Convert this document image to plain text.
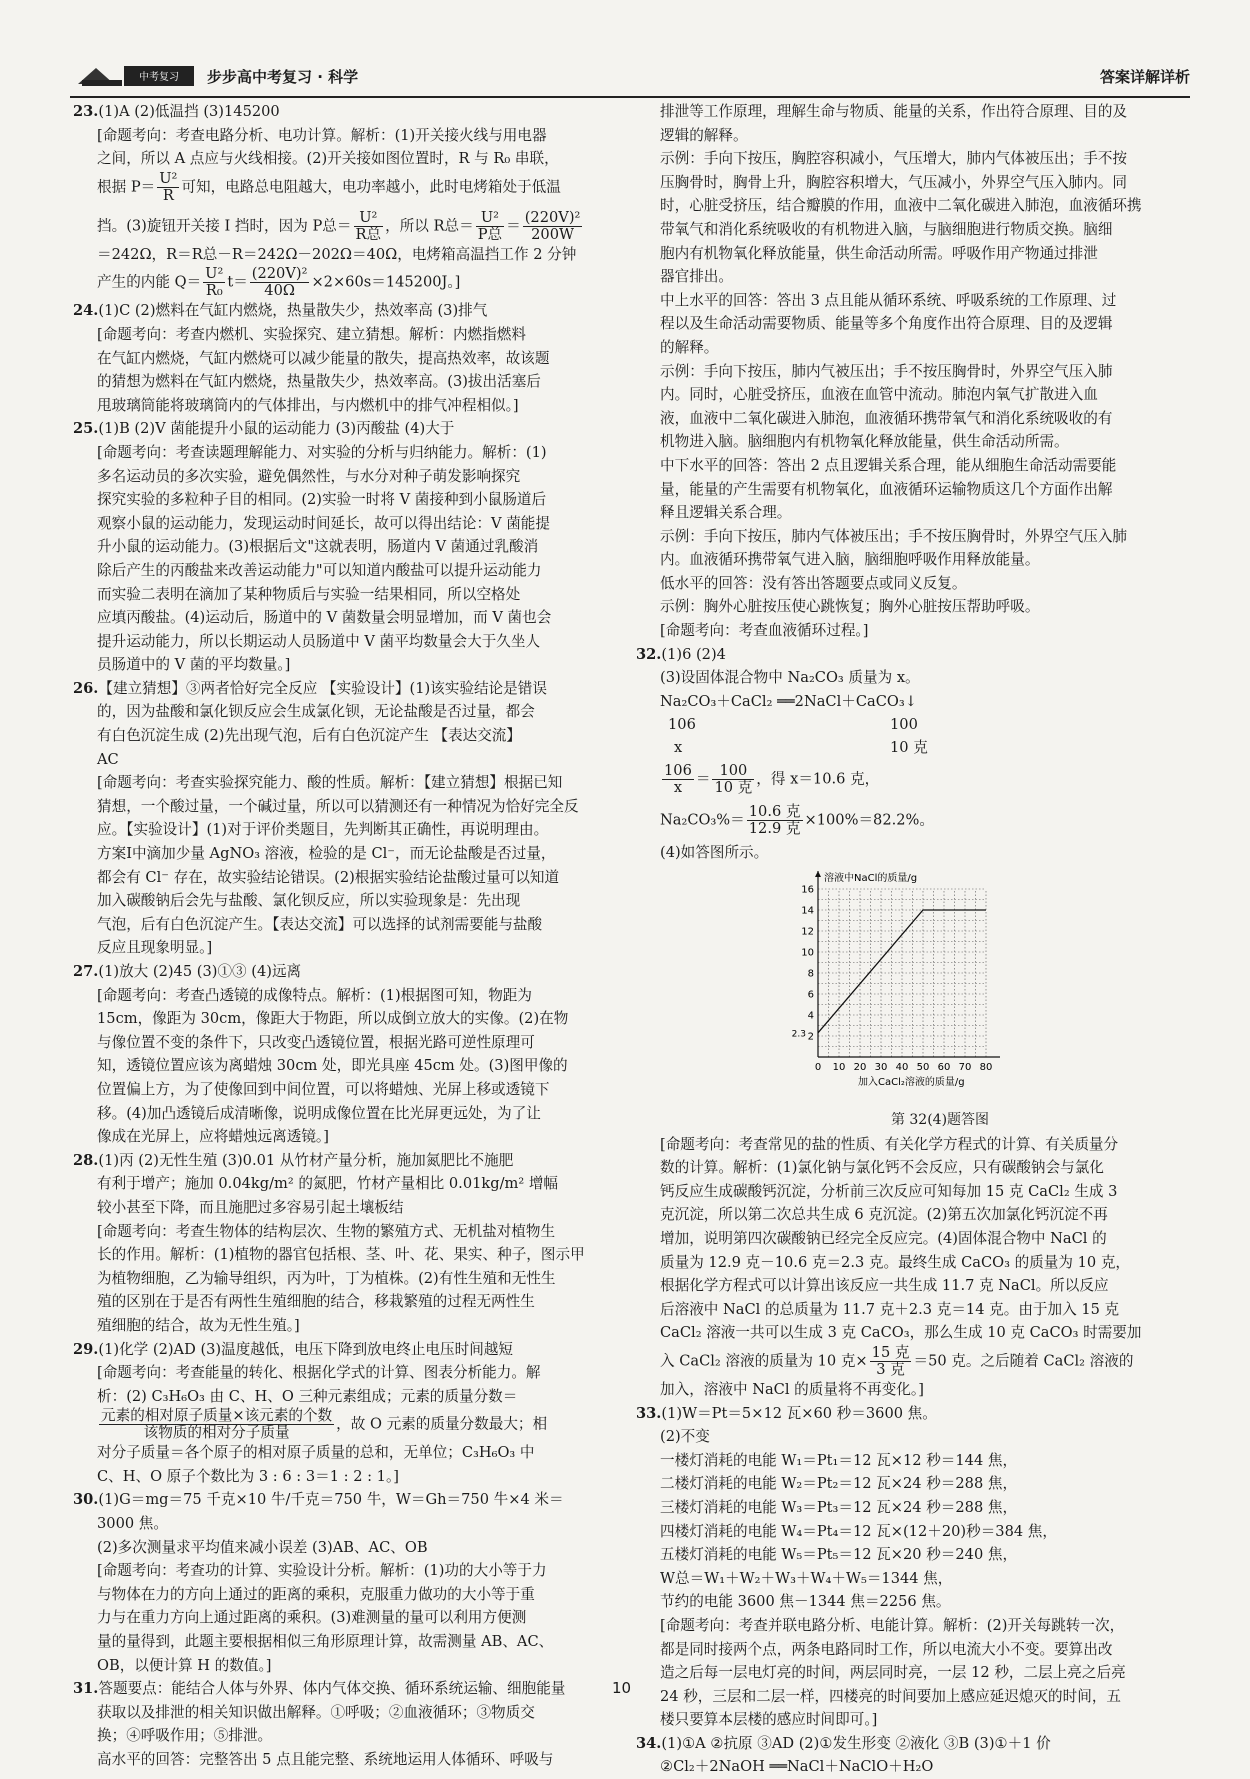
中考复习 步步高中考复习 · 科学	答案详解详析

23.(1)A (2)低温挡 (3)145200

[命题考向：考查电路分析、电功计算。解析：(1)开关接火线与用电器

之间，所以 A 点应与火线相接。(2)开关接如图位置时，R 与 R₀ 串联，

根据 $P= \frac{\text{U²}}{R}$ 可知，电路总电阻越大，电功率越小，此时电烤箱处于低温

挡。(3)旋钮开关接 Ⅰ 挡时，因为 P总＝ $\frac{\text{U²}}{\text{R总}}$ ，所以 R总＝ $\frac{\text{U²}}{\text{P总}} = \frac{\text{(220V)²}}{200W}$

＝242Ω，R＝R总－R＝242Ω－202Ω＝40Ω，电烤箱高温挡工作 2 分钟

产生的内能 $Q= \frac{\text{U²}}{\text{R₀}} t= \frac{\text{(220V)²}}{40\Omega} \times 2\times 60s=145200J$。]

24.(1)C (2)燃料在气缸内燃烧，热量散失少，热效率高 (3)排气

[命题考向：考查内燃机、实验探究、建立猜想。解析：内燃指燃料

在气缸内燃烧，气缸内燃烧可以减少能量的散失，提高热效率，故该题

的猜想为燃料在气缸内燃烧，热量散失少，热效率高。(3)拔出活塞后

甩玻璃筒能将玻璃筒内的气体排出，与内燃机中的排气冲程相似。]

25.(1)B (2)V 菌能提升小鼠的运动能力 (3)丙酸盐 (4)大于

[命题考向：考查读题理解能力、对实验的分析与归纳能力。解析：(1)

多名运动员的多次实验，避免偶然性，与水分对种子萌发影响探究

探究实验的多粒种子目的相同。(2)实验一时将 V 菌接种到小鼠肠道后

观察小鼠的运动能力，发现运动时间延长，故可以得出结论：V 菌能提

升小鼠的运动能力。(3)根据后文"这就表明，肠道内 V 菌通过乳酸消

除后产生的丙酸盐来改善运动能力"可以知道内酸盐可以提升运动能力

而实验二表明在滴加了某种物质后与实验一结果相同，所以空格处

应填丙酸盐。(4)运动后，肠道中的 V 菌数量会明显增加，而 V 菌也会

提升运动能力，所以长期运动人员肠道中 V 菌平均数量会大于久坐人

员肠道中的 V 菌的平均数量。]

26.【建立猜想】③两者恰好完全反应 【实验设计】(1)该实验结论是错误

的，因为盐酸和氯化钡反应会生成氯化钡，无论盐酸是否过量，都会

有白色沉淀生成 (2)先出现气泡，后有白色沉淀产生 【表达交流】

AC

[命题考向：考查实验探究能力、酸的性质。解析：【建立猜想】根据已知

猜想，一个酸过量，一个碱过量，所以可以猜测还有一种情况为恰好完全反

应。【实验设计】(1)对于评价类题目，先判断其正确性，再说明理由。

方案Ⅰ中滴加少量 AgNO₃ 溶液，检验的是 Cl⁻，而无论盐酸是否过量，

都会有 Cl⁻ 存在，故实验结论错误。(2)根据实验结论盐酸过量可以知道

加入碳酸钠后会先与盐酸、氯化钡反应，所以实验现象是：先出现

气泡，后有白色沉淀产生。【表达交流】可以选择的试剂需要能与盐酸

反应且现象明显。]

27.(1)放大 (2)45 (3)①③ (4)远离

[命题考向：考查凸透镜的成像特点。解析：(1)根据图可知，物距为

15cm，像距为 30cm，像距大于物距，所以成倒立放大的实像。(2)在物

与像位置不变的条件下，只改变凸透镜位置，根据光路可逆性原理可

知，透镜位置应该为离蜡烛 30cm 处，即光具座 45cm 处。(3)图甲像的

位置偏上方，为了使像回到中间位置，可以将蜡烛、光屏上移或透镜下

移。(4)加凸透镜后成清晰像，说明成像位置在比光屏更远处，为了让

像成在光屏上，应将蜡烛远离透镜。]

28.(1)丙 (2)无性生殖 (3)0.01 从竹材产量分析，施加氮肥比不施肥

有利于增产；施加 0.04kg/m² 的氮肥，竹材产量相比 0.01kg/m² 增幅

较小甚至下降，而且施肥过多容易引起土壤板结

[命题考向：考查生物体的结构层次、生物的繁殖方式、无机盐对植物生

长的作用。解析：(1)植物的器官包括根、茎、叶、花、果实、种子，图示甲

为植物细胞，乙为输导组织，丙为叶，丁为植株。(2)有性生殖和无性生

殖的区别在于是否有两性生殖细胞的结合，移栽繁殖的过程无两性生

殖细胞的结合，故为无性生殖。]

29.(1)化学 (2)AD (3)温度越低，电压下降到放电终止电压时间越短

[命题考向：考查能量的转化、根据化学式的计算、图表分析能力。解

析：(2) C₃H₆O₃ 由 C、H、O 三种元素组成；元素的质量分数＝

$\frac{\text{元素的相对原子质量×该元素的个数}}{\text{该物质的相对分子质量}}$ ，故 O 元素的质量分数最大；相

对分子质量＝各个原子的相对原子质量的总和，无单位；C₃H₆O₃ 中

C、H、O 原子个数比为 3 : 6 : 3＝1 : 2 : 1。]

30.(1)G＝mg＝75 千克×10 牛/千克＝750 牛，W＝Gh＝750 牛×4 米＝

3000 焦。

(2)多次测量求平均值来减小误差 (3)AB、AC、OB

[命题考向：考查功的计算、实验设计分析。解析：(1)功的大小等于力

与物体在力的方向上通过的距离的乘积，克服重力做功的大小等于重

力与在重力方向上通过距离的乘积。(3)难测量的量可以利用方便测

量的量得到，此题主要根据相似三角形原理计算，故需测量 AB、AC、

OB，以便计算 H 的数值。]

31.答题要点：能结合人体与外界、体内气体交换、循环系统运输、细胞能量

获取以及排泄的相关知识做出解释。①呼吸；②血液循环；③物质交

换；④呼吸作用；⑤排泄。

高水平的回答：完整答出 5 点且能完整、系统地运用人体循环、呼吸与

排泄等工作原理，理解生命与物质、能量的关系，作出符合原理、目的及

逻辑的解释。

示例：手向下按压，胸腔容积减小，气压增大，肺内气体被压出；手不按

压胸骨时，胸骨上升，胸腔容积增大，气压减小，外界空气压入肺内。同

时，心脏受挤压，结合瓣膜的作用，血液中二氧化碳进入肺泡，血液循环携

带氧气和消化系统吸收的有机物进入脑，与脑细胞进行物质交换。脑细

胞内有机物氧化释放能量，供生命活动所需。呼吸作用产物通过排泄

器官排出。

中上水平的回答：答出 3 点且能从循环系统、呼吸系统的工作原理、过

程以及生命活动需要物质、能量等多个角度作出符合原理、目的及逻辑

的解释。

示例：手向下按压，肺内气被压出；手不按压胸骨时，外界空气压入肺

内。同时，心脏受挤压，血液在血管中流动。肺泡内氧气扩散进入血

液，血液中二氧化碳进入肺泡，血液循环携带氧气和消化系统吸收的有

机物进入脑。脑细胞内有机物氧化释放能量，供生命活动所需。

中下水平的回答：答出 2 点且逻辑关系合理，能从细胞生命活动需要能

量，能量的产生需要有机物氧化，血液循环运输物质这几个方面作出解

释且逻辑关系合理。

示例：手向下按压，肺内气体被压出；手不按压胸骨时，外界空气压入肺

内。血液循环携带氧气进入脑，脑细胞呼吸作用释放能量。

低水平的回答：没有答出答题要点或同义反复。

示例：胸外心脏按压使心跳恢复；胸外心脏按压帮助呼吸。

[命题考向：考查血液循环过程。]

32.(1)6 (2)4

(3)设固体混合物中 Na₂CO₃ 质量为 x。

Na₂CO₃＋CaCl₂ ══2NaCl＋CaCO₃↓

106	100

x	10 克

$\frac{106}{x} = \frac{100}{\text{10 克}}$ ，得 x＝10.6 克，

$Na_2CO_3\%= \frac{\text{10.6 克}}{\text{12.9 克}} \times 100\%=82.2\%$。

(4)如答图所示。

0 10 20 30 40 50 60 70 80
2
4
6
8
10
12
14
16
2.3
溶液中NaCl的质量/g
加入CaCl₂溶液的质量/g

第 32(4)题答图

[命题考向：考查常见的盐的性质、有关化学方程式的计算、有关质量分

数的计算。解析：(1)氯化钠与氯化钙不会反应，只有碳酸钠会与氯化

钙反应生成碳酸钙沉淀，分析前三次反应可知每加 15 克 CaCl₂ 生成 3

克沉淀，所以第二次总共生成 6 克沉淀。(2)第五次加氯化钙沉淀不再

增加，说明第四次碳酸钠已经完全反应完。(4)固体混合物中 NaCl 的

质量为 12.9 克－10.6 克＝2.3 克。最终生成 CaCO₃ 的质量为 10 克，

根据化学方程式可以计算出该反应一共生成 11.7 克 NaCl。所以反应

后溶液中 NaCl 的总质量为 11.7 克＋2.3 克＝14 克。由于加入 15 克

CaCl₂ 溶液一共可以生成 3 克 CaCO₃，那么生成 10 克 CaCO₃ 时需要加

入 CaCl₂ 溶液的质量为 10 克× $\frac{\text{15 克}}{\text{3 克}} =50$ 克。之后随着 CaCl₂ 溶液的

加入，溶液中 NaCl 的质量将不再变化。]

33.(1)W＝Pt＝5×12 瓦×60 秒＝3600 焦。

(2)不变

一楼灯消耗的电能 W₁＝Pt₁＝12 瓦×12 秒＝144 焦，

二楼灯消耗的电能 W₂＝Pt₂＝12 瓦×24 秒＝288 焦，

三楼灯消耗的电能 W₃＝Pt₃＝12 瓦×24 秒＝288 焦，

四楼灯消耗的电能 W₄＝Pt₄＝12 瓦×(12＋20)秒＝384 焦，

五楼灯消耗的电能 W₅＝Pt₅＝12 瓦×20 秒＝240 焦，

W总＝W₁＋W₂＋W₃＋W₄＋W₅＝1344 焦，

节约的电能 3600 焦－1344 焦＝2256 焦。

[命题考向：考查并联电路分析、电能计算。解析：(2)开关每跳转一次，

都是同时接两个点，两条电路同时工作，所以电流大小不变。要算出改

造之后每一层电灯亮的时间，两层同时亮，一层 12 秒，二层上亮之后亮

24 秒，三层和二层一样，四楼亮的时间要加上感应延迟熄灭的时间，五

楼只要算本层楼的感应时间即可。]

34.(1)①A ②抗原 ③AD (2)①发生形变 ②液化 ③B (3)①＋1 价

②Cl₂＋2NaOH ══NaCl＋NaClO＋H₂O

10
